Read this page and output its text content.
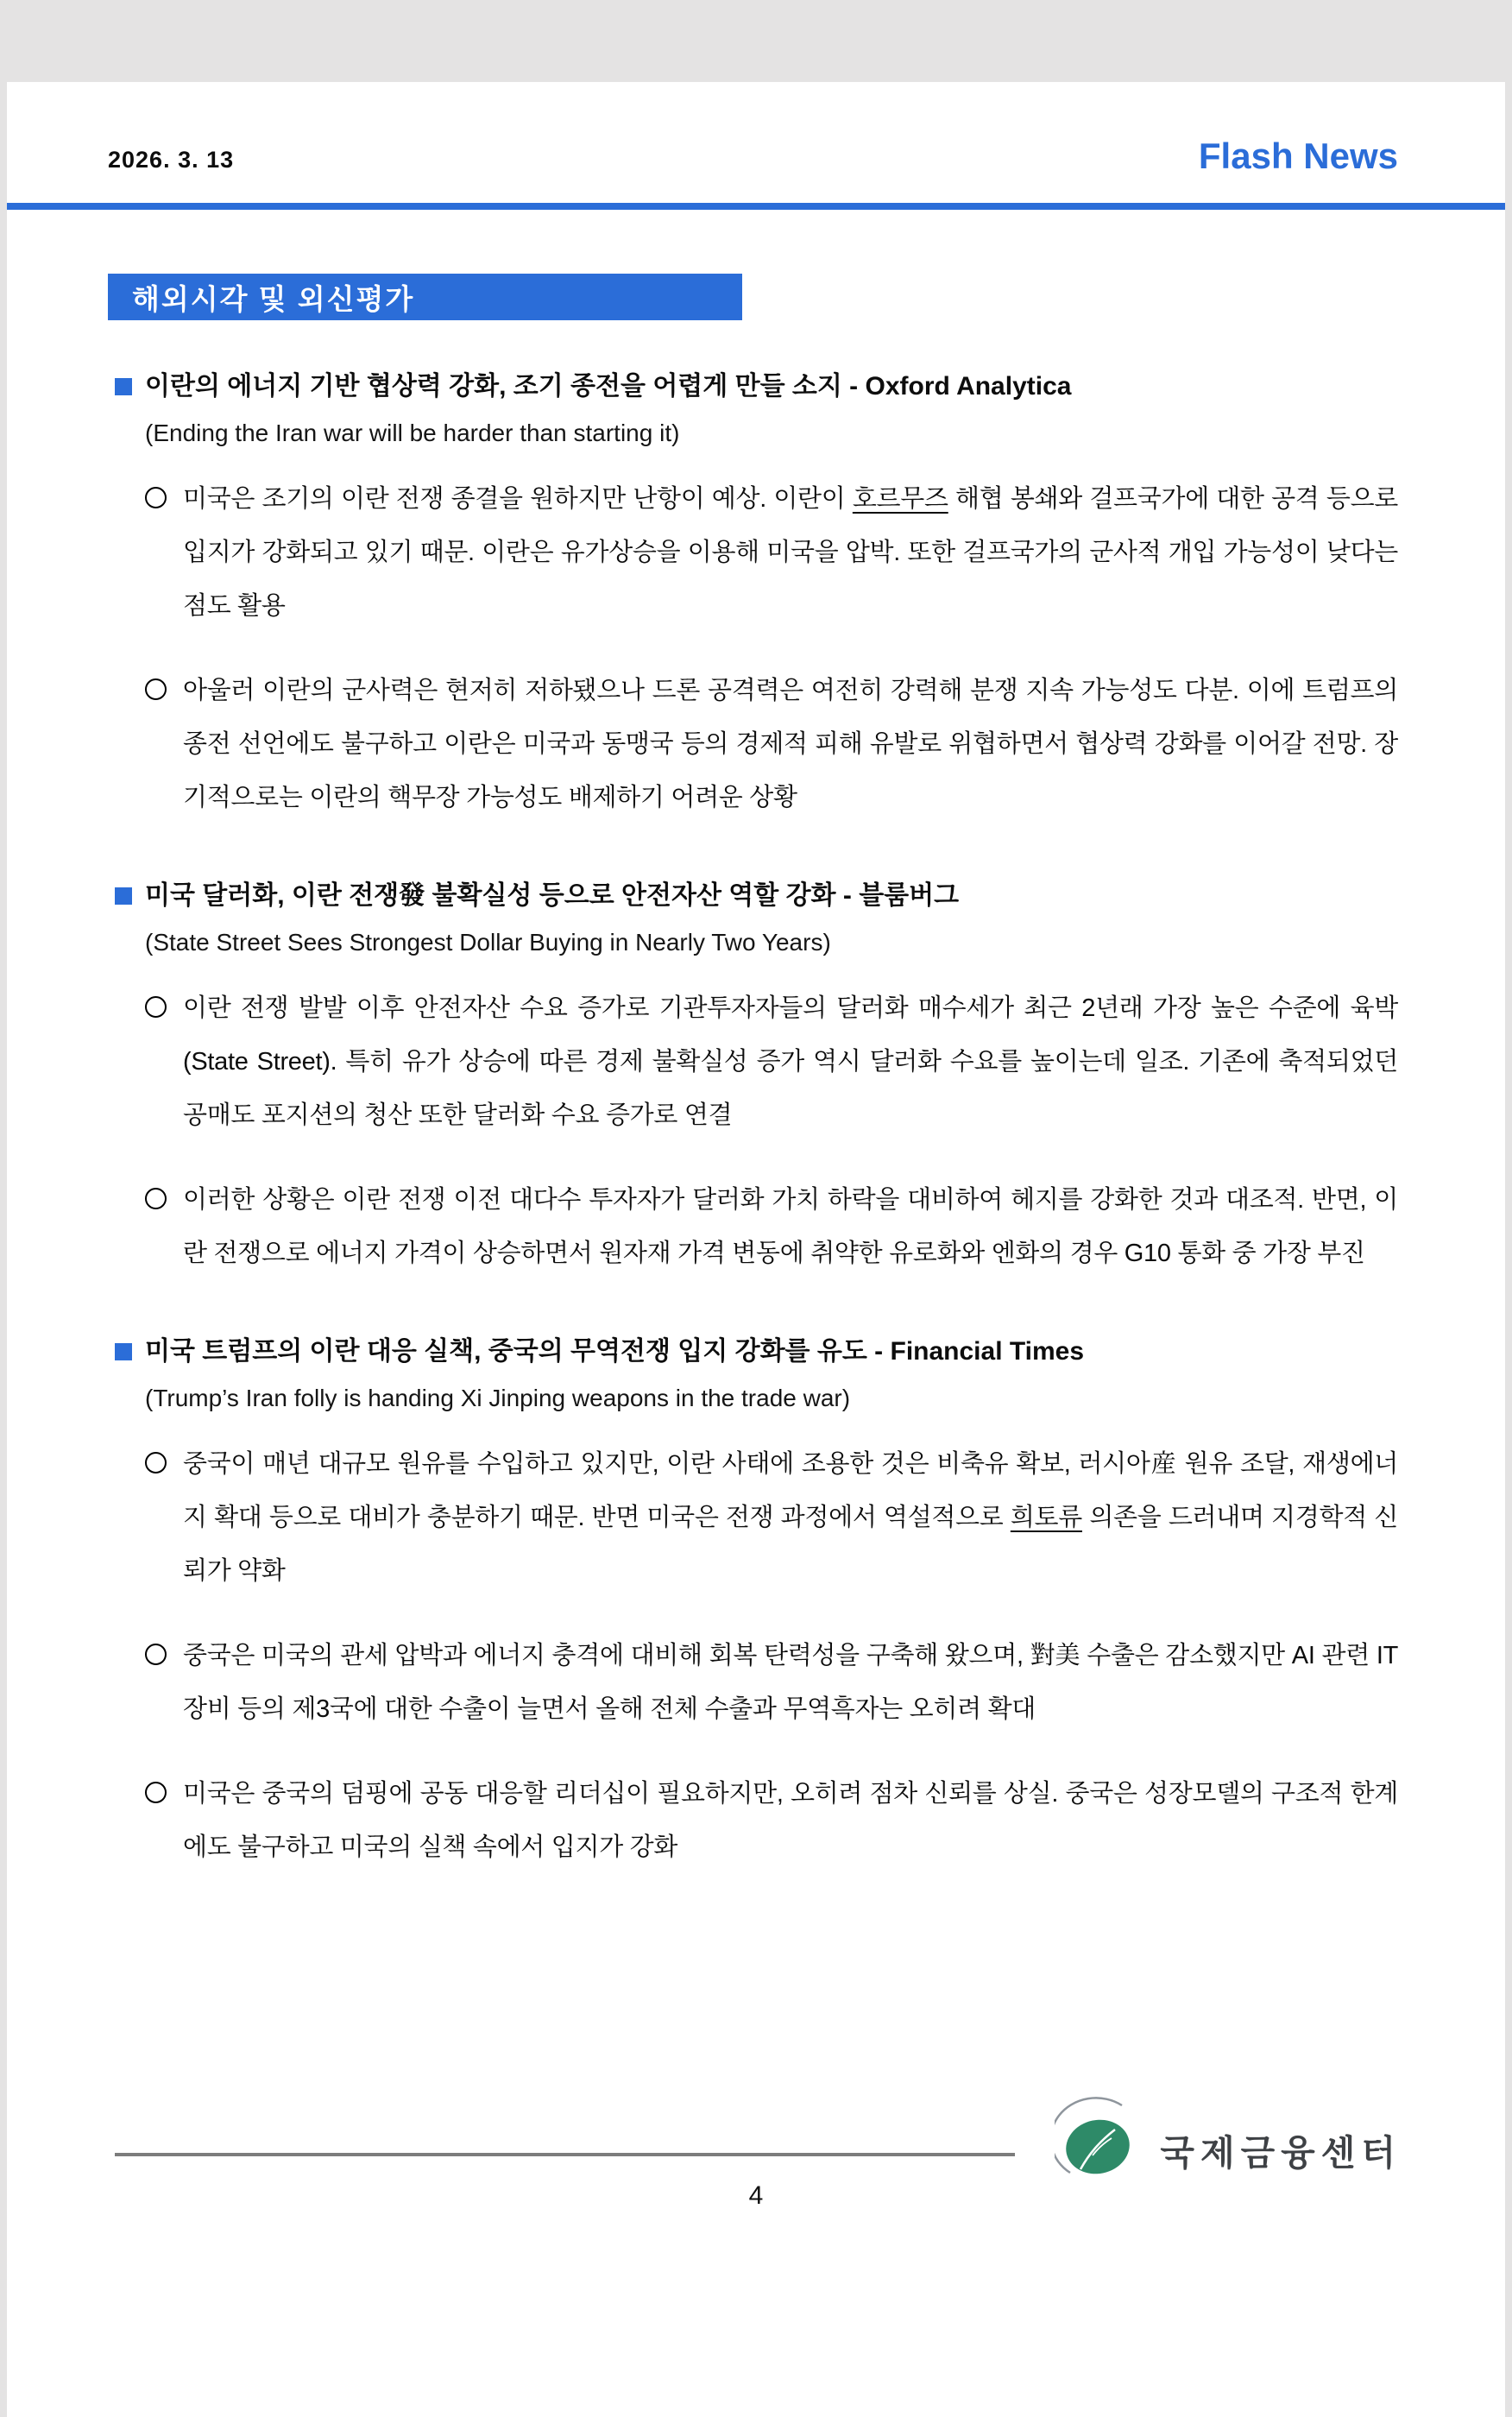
2026. 3. 13	Flash News
해외시각 및 외신평가
이란의 에너지 기반 협상력 강화, 조기 종전을 어렵게 만들 소지 - Oxford Analytica
(Ending the Iran war will be harder than starting it)
미국은 조기의 이란 전쟁 종결을 원하지만 난항이 예상. 이란이 호르무즈 해협 봉쇄와 걸프국가에 대한 공격 등으로 입지가 강화되고 있기 때문. 이란은 유가상승을 이용해 미국을 압박. 또한 걸프국가의 군사적 개입 가능성이 낮다는 점도 활용
아울러 이란의 군사력은 현저히 저하됐으나 드론 공격력은 여전히 강력해 분쟁 지속 가능성도 다분. 이에 트럼프의 종전 선언에도 불구하고 이란은 미국과 동맹국 등의 경제적 피해 유발로 위협하면서 협상력 강화를 이어갈 전망. 장기적으로는 이란의 핵무장 가능성도 배제하기 어려운 상황
미국 달러화, 이란 전쟁發 불확실성 등으로 안전자산 역할 강화 - 블룸버그
(State Street Sees Strongest Dollar Buying in Nearly Two Years)
이란 전쟁 발발 이후 안전자산 수요 증가로 기관투자자들의 달러화 매수세가 최근 2년래 가장 높은 수준에 육박(State Street). 특히 유가 상승에 따른 경제 불확실성 증가 역시 달러화 수요를 높이는데 일조. 기존에 축적되었던 공매도 포지션의 청산 또한 달러화 수요 증가로 연결
이러한 상황은 이란 전쟁 이전 대다수 투자자가 달러화 가치 하락을 대비하여 헤지를 강화한 것과 대조적. 반면, 이란 전쟁으로 에너지 가격이 상승하면서 원자재 가격 변동에 취약한 유로화와 엔화의 경우 G10 통화 중 가장 부진
미국 트럼프의 이란 대응 실책, 중국의 무역전쟁 입지 강화를 유도 - Financial Times
(Trump’s Iran folly is handing Xi Jinping weapons in the trade war)
중국이 매년 대규모 원유를 수입하고 있지만, 이란 사태에 조용한 것은 비축유 확보, 러시아産 원유 조달, 재생에너지 확대 등으로 대비가 충분하기 때문. 반면 미국은 전쟁 과정에서 역설적으로 희토류 의존을 드러내며 지경학적 신뢰가 약화
중국은 미국의 관세 압박과 에너지 충격에 대비해 회복 탄력성을 구축해 왔으며, 對美 수출은 감소했지만 AI 관련 IT 장비 등의 제3국에 대한 수출이 늘면서 올해 전체 수출과 무역흑자는 오히려 확대
미국은 중국의 덤핑에 공동 대응할 리더십이 필요하지만, 오히려 점차 신뢰를 상실. 중국은 성장모델의 구조적 한계에도 불구하고 미국의 실책 속에서 입지가 강화
국제금융센터
4
